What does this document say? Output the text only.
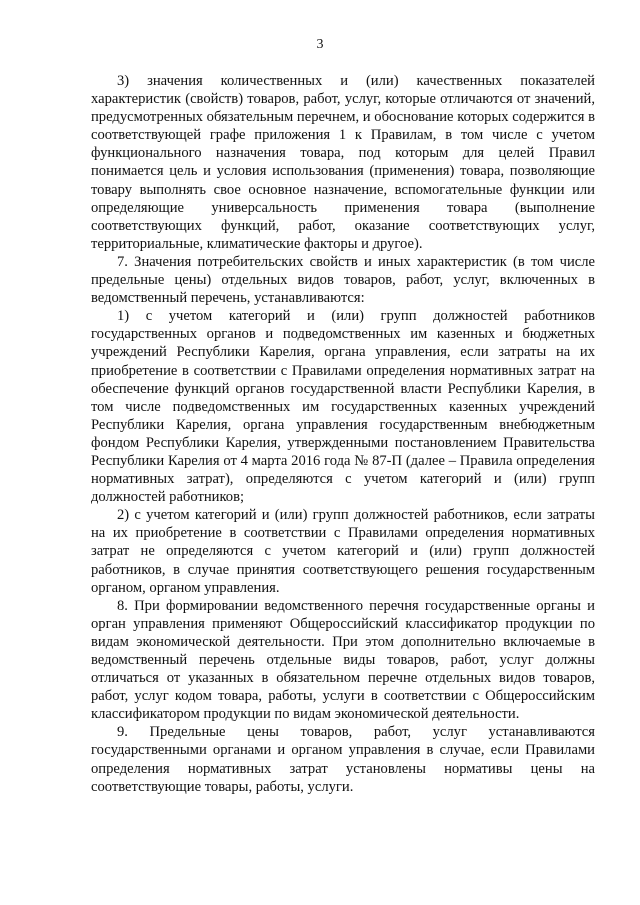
3

3) значения количественных и (или) качественных показателей характеристик (свойств) товаров, работ, услуг, которые отличаются от значений, предусмотренных обязательным перечнем, и обоснование которых содержится в соответствующей графе приложения 1 к Правилам, в том числе с учетом функционального назначения товара, под которым для целей Правил понимается цель и условия использования (применения) товара, позволяющие товару выполнять свое основное назначение, вспомогательные функции или определяющие универсальность применения товара (выполнение соответствующих функций, работ, оказание соответствующих услуг, территориальные, климатические факторы и другое).

7. Значения потребительских свойств и иных характеристик (в том числе предельные цены) отдельных видов товаров, работ, услуг, включенных в ведомственный перечень, устанавливаются:

1) с учетом категорий и (или) групп должностей работников государственных органов и подведомственных им казенных и бюджетных учреждений Республики Карелия, органа управления, если затраты на их приобретение в соответствии с Правилами определения нормативных затрат на обеспечение функций органов государственной власти Республики Карелия, в том числе подведомственных им государственных казенных учреждений Республики Карелия, органа управления государственным внебюджетным фондом Республики Карелия, утвержденными постановлением Правительства Республики Карелия от 4 марта 2016 года № 87-П (далее – Правила определения нормативных затрат), определяются с учетом категорий и (или) групп должностей работников;

2) с учетом категорий и (или) групп должностей работников, если затраты на их приобретение в соответствии с Правилами определения нормативных затрат не определяются с учетом категорий и (или) групп должностей работников, в случае принятия соответствующего решения государственным органом, органом управления.

8. При формировании ведомственного перечня государственные органы и орган управления применяют Общероссийский классификатор продукции по видам экономической деятельности. При этом дополнительно включаемые в ведомственный перечень отдельные виды товаров, работ, услуг должны отличаться от указанных в обязательном перечне отдельных видов товаров, работ, услуг кодом товара, работы, услуги в соответствии с Общероссийским классификатором продукции по видам экономической деятельности.

9. Предельные цены товаров, работ, услуг устанавливаются государственными органами и органом управления в случае, если Правилами определения нормативных затрат установлены нормативы цены на соответствующие товары, работы, услуги.
